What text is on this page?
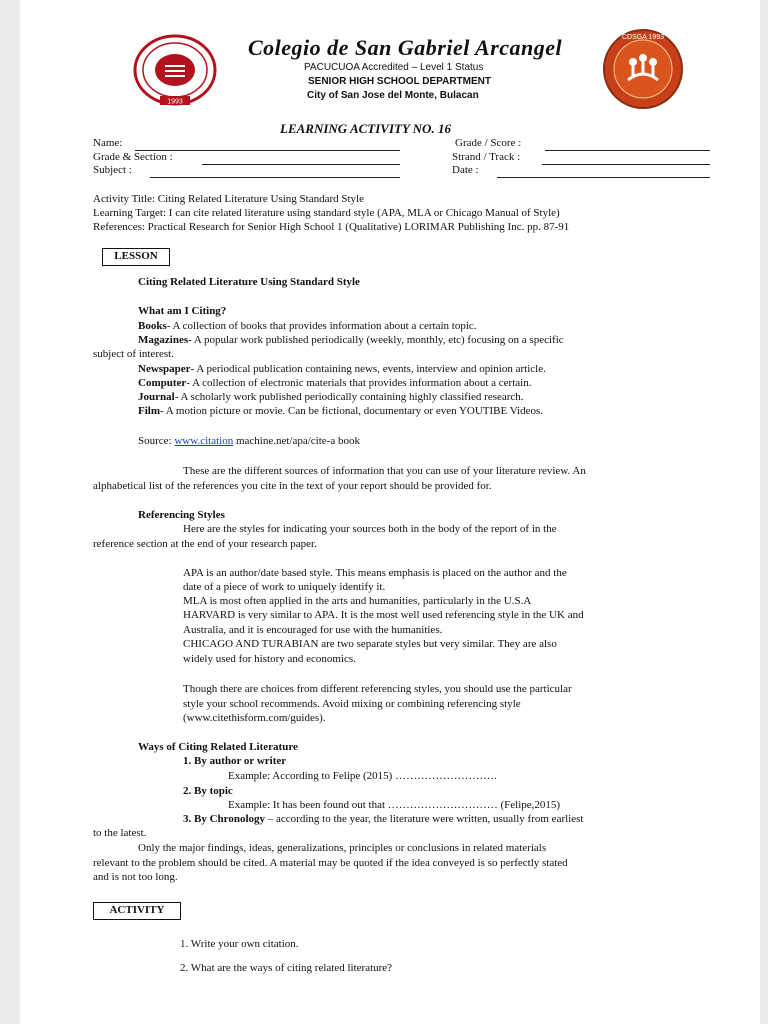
1993
CDSGA 1993
Colegio de San Gabriel Arcangel
PACUCUOA Accredited – Level 1 Status
SENIOR HIGH SCHOOL DEPARTMENT
City of San Jose del Monte, Bulacan
LEARNING ACTIVITY NO. 16
Name:
Grade & Section :
Subject :
Grade / Score :
Strand / Track :
Date :
Activity Title: Citing Related Literature Using Standard Style
Learning Target: I can cite related literature using standard style (APA, MLA or Chicago Manual of Style)
References: Practical Research for Senior High School 1 (Qualitative) LORIMAR Publishing Inc. pp. 87-91
LESSON
Citing Related Literature Using Standard Style
What am I Citing?
Books- A collection of books that provides information about a certain topic.
Magazines- A popular work published periodically (weekly, monthly, etc) focusing on a specific
subject of interest.
Newspaper- A periodical publication containing news, events, interview and opinion article.
Computer- A collection of electronic materials that provides information about a certain.
Journal- A scholarly work published periodically containing highly classified research.
Film- A motion picture or movie. Can be fictional, documentary or even YOUTIBE Videos.
Source: www.citation machine.net/apa/cite-a book
These are the different sources of information that you can use of your literature review. An
alphabetical list of the references you cite in the text of your report should be provided for.
Referencing Styles
Here are the styles for indicating your sources both in the body of the report of in the
reference section at the end of your research paper.
APA is an author/date based style. This means emphasis is placed on the author and the
date of a piece of work to uniquely identify it.
MLA is most often applied in the arts and humanities, particularly in the U.S.A
HARVARD is very similar to APA. It is the most well used referencing style in the UK and
Australia, and it is encouraged for use with the humanities.
CHICAGO AND TURABIAN are two separate styles but very similar. They are also
widely used for history and economics.
Though there are choices from different referencing styles, you should use the particular
style your school recommends. Avoid mixing or combining referencing style
(www.citethisform.com/guides).
Ways of Citing Related Literature
1. By author or writer
Example: According to Felipe (2015) ……………………….
2. By topic
Example: It has been found out that ………………………… (Felipe,2015)
3. By Chronology – according to the year, the literature were written, usually from earliest
to the latest.
Only the major findings, ideas, generalizations, principles or conclusions in related materials
relevant to the problem should be cited. A material may be quoted if the idea conveyed is so perfectly stated
and is not too long.
ACTIVITY
1. Write your own citation.
2. What are the ways of citing related literature?
